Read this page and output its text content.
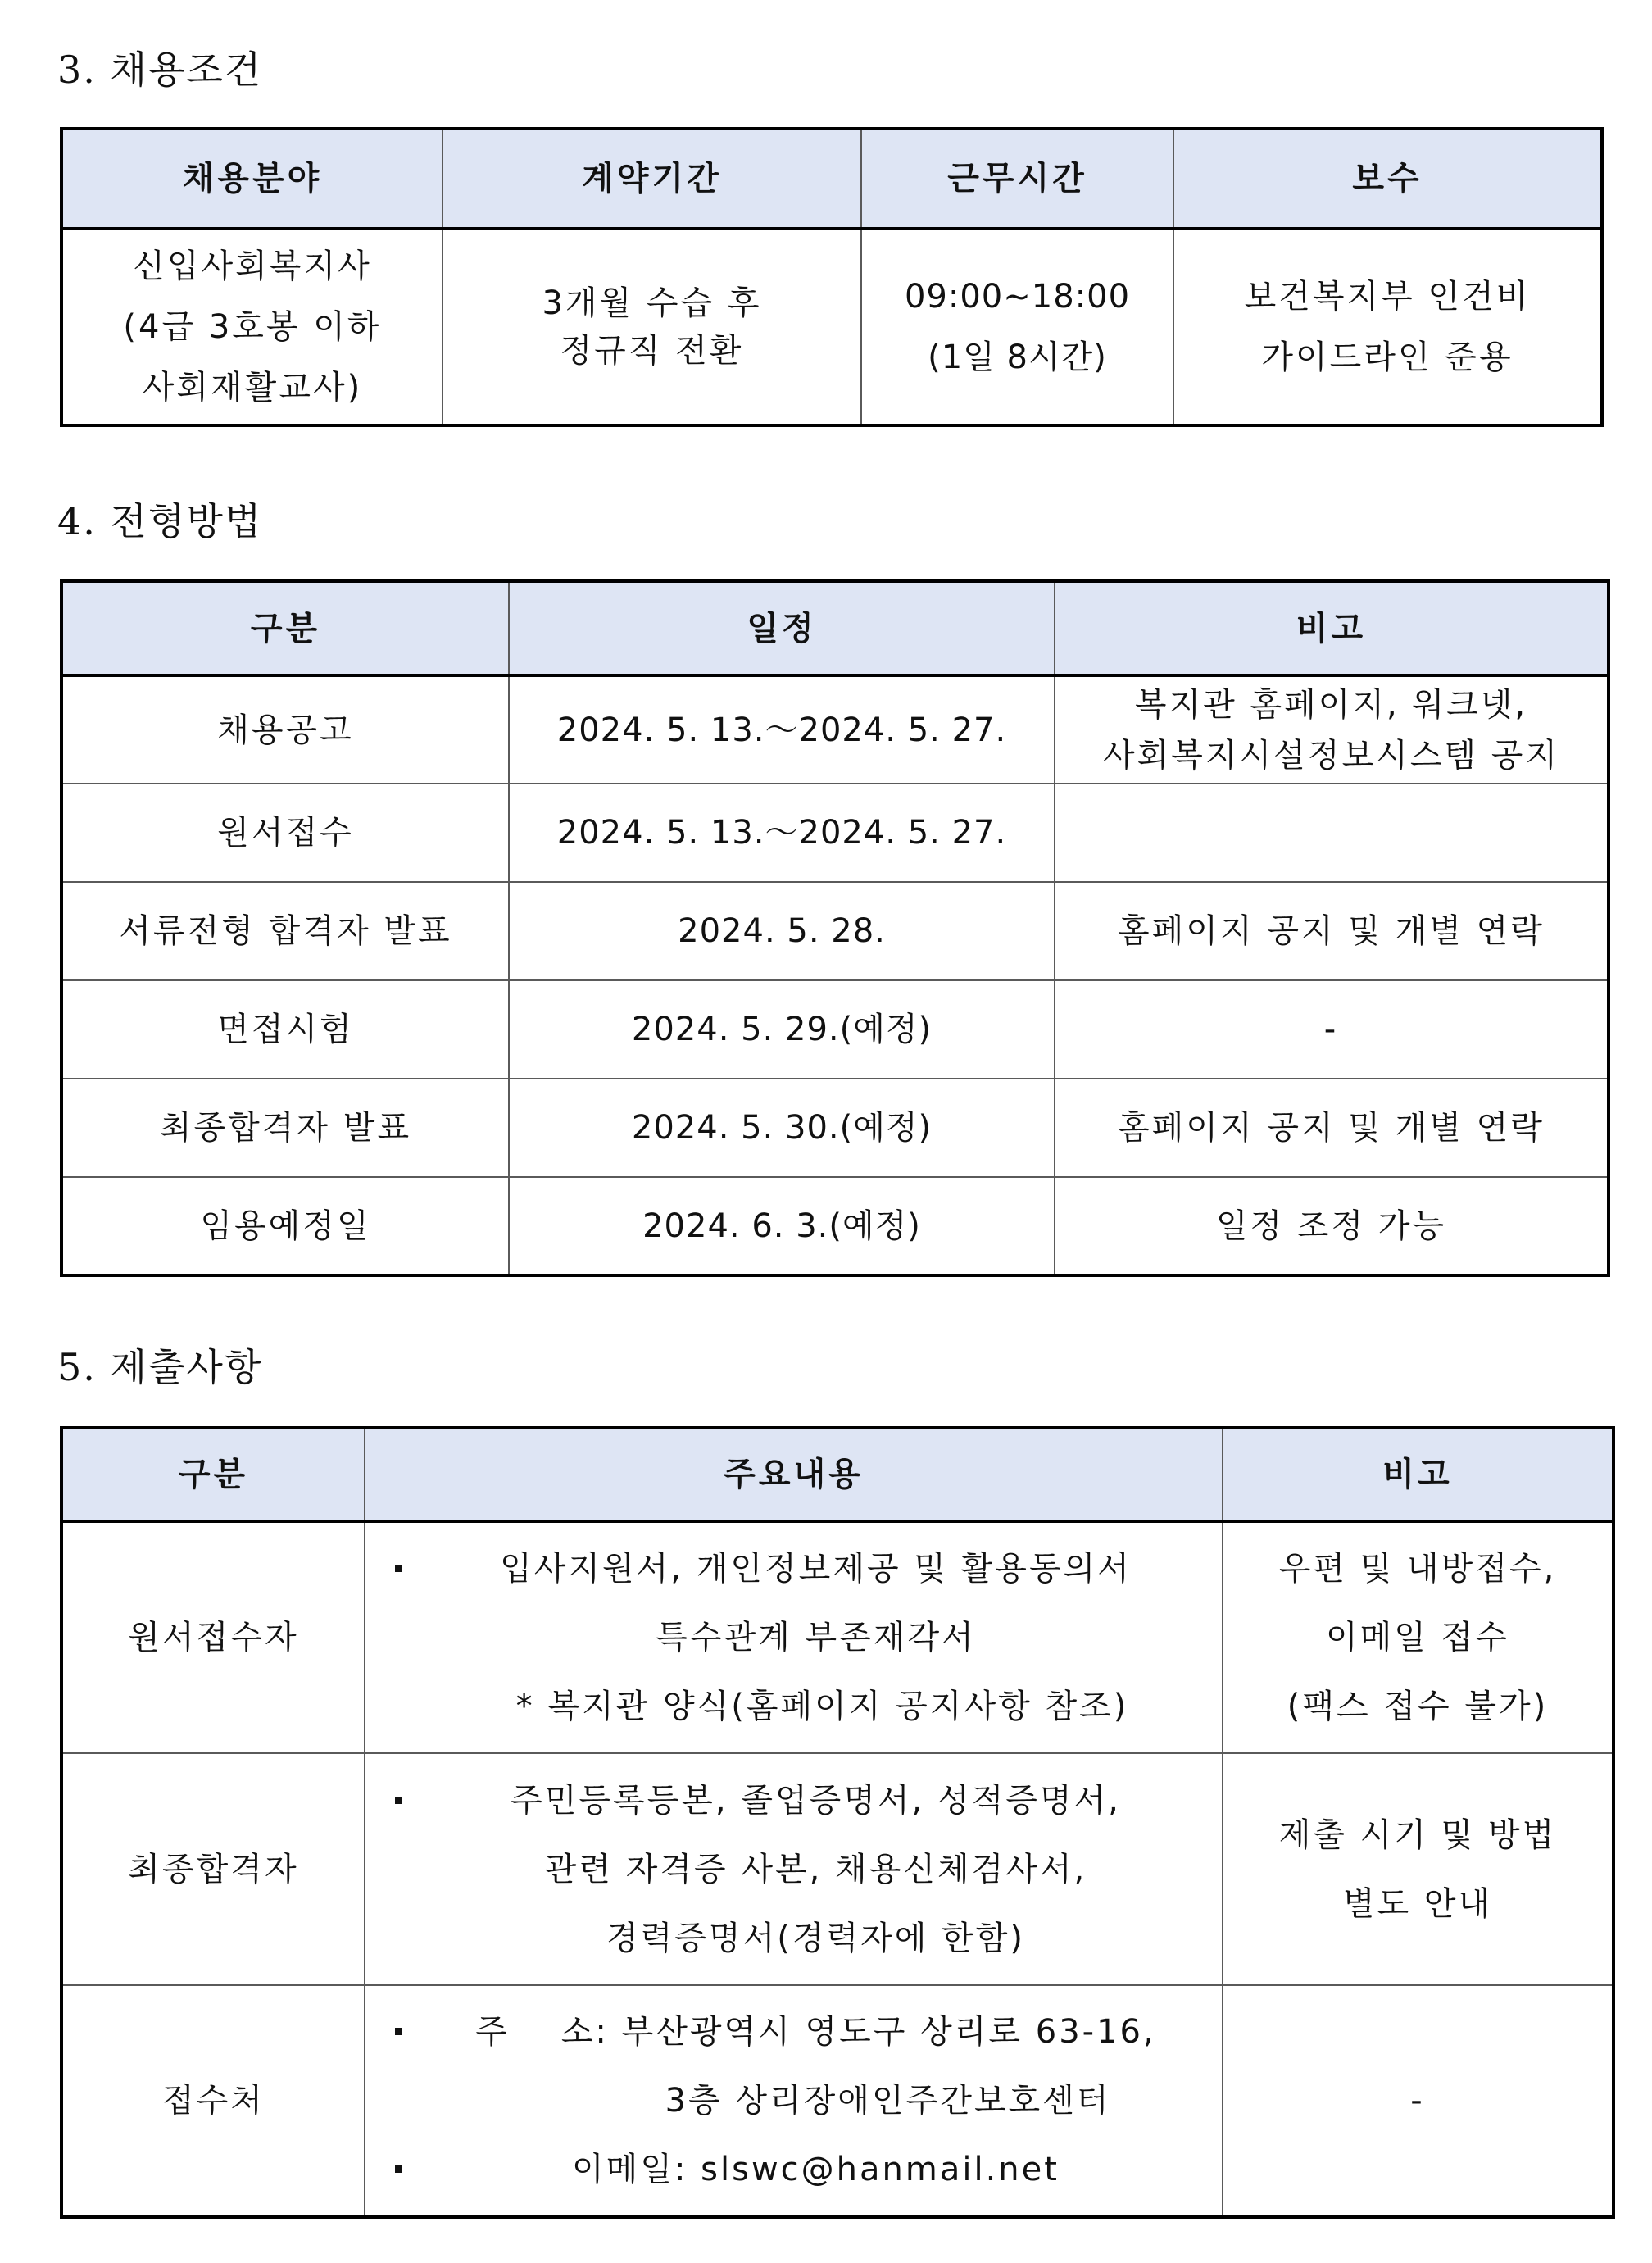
3. 채용조건
채용분야	계약기간	근무시간	보수

신입사회복지사
(4급 3호봉 이하
사회재활교사)	3개월 수습 후
정규직 전환	09:00~18:00
(1일 8시간)	보건복지부 인건비
가이드라인 준용
4. 전형방법
구분	일정	비고
채용공고	2024. 5. 13.～2024. 5. 27.	복지관 홈페이지, 워크넷,
사회복지시설정보시스템 공지

원서접수	2024. 5. 13.～2024. 5. 27.	
서류전형 합격자 발표	2024. 5. 28.	홈페이지 공지 및 개별 연락
면접시험	2024. 5. 29.(예정)	-
최종합격자 발표	2024. 5. 30.(예정)	홈페이지 공지 및 개별 연락
임용예정일	2024. 6. 3.(예정)	일정 조정 가능
5. 제출사항
구분	주요내용	비고
원서접수자	입사지원서, 개인정보제공 및 활용동의서
특수관계 부존재각서
* 복지관 양식(홈페이지 공지사항 참조)	우편 및 내방접수,
이메일 접수
(팩스 접수 불가)

최종합격자	주민등록등본, 졸업증명서, 성적증명서,
관련 자격증 사본, 채용신체검사서,
경력증명서(경력자에 한함)	제출 시기 및 방법
별도 안내

접수처	주    소: 부산광역시 영도구 상리로 63-16,
3층 상리장애인주간보호센터
이메일: slswc@hanmail.net	-
